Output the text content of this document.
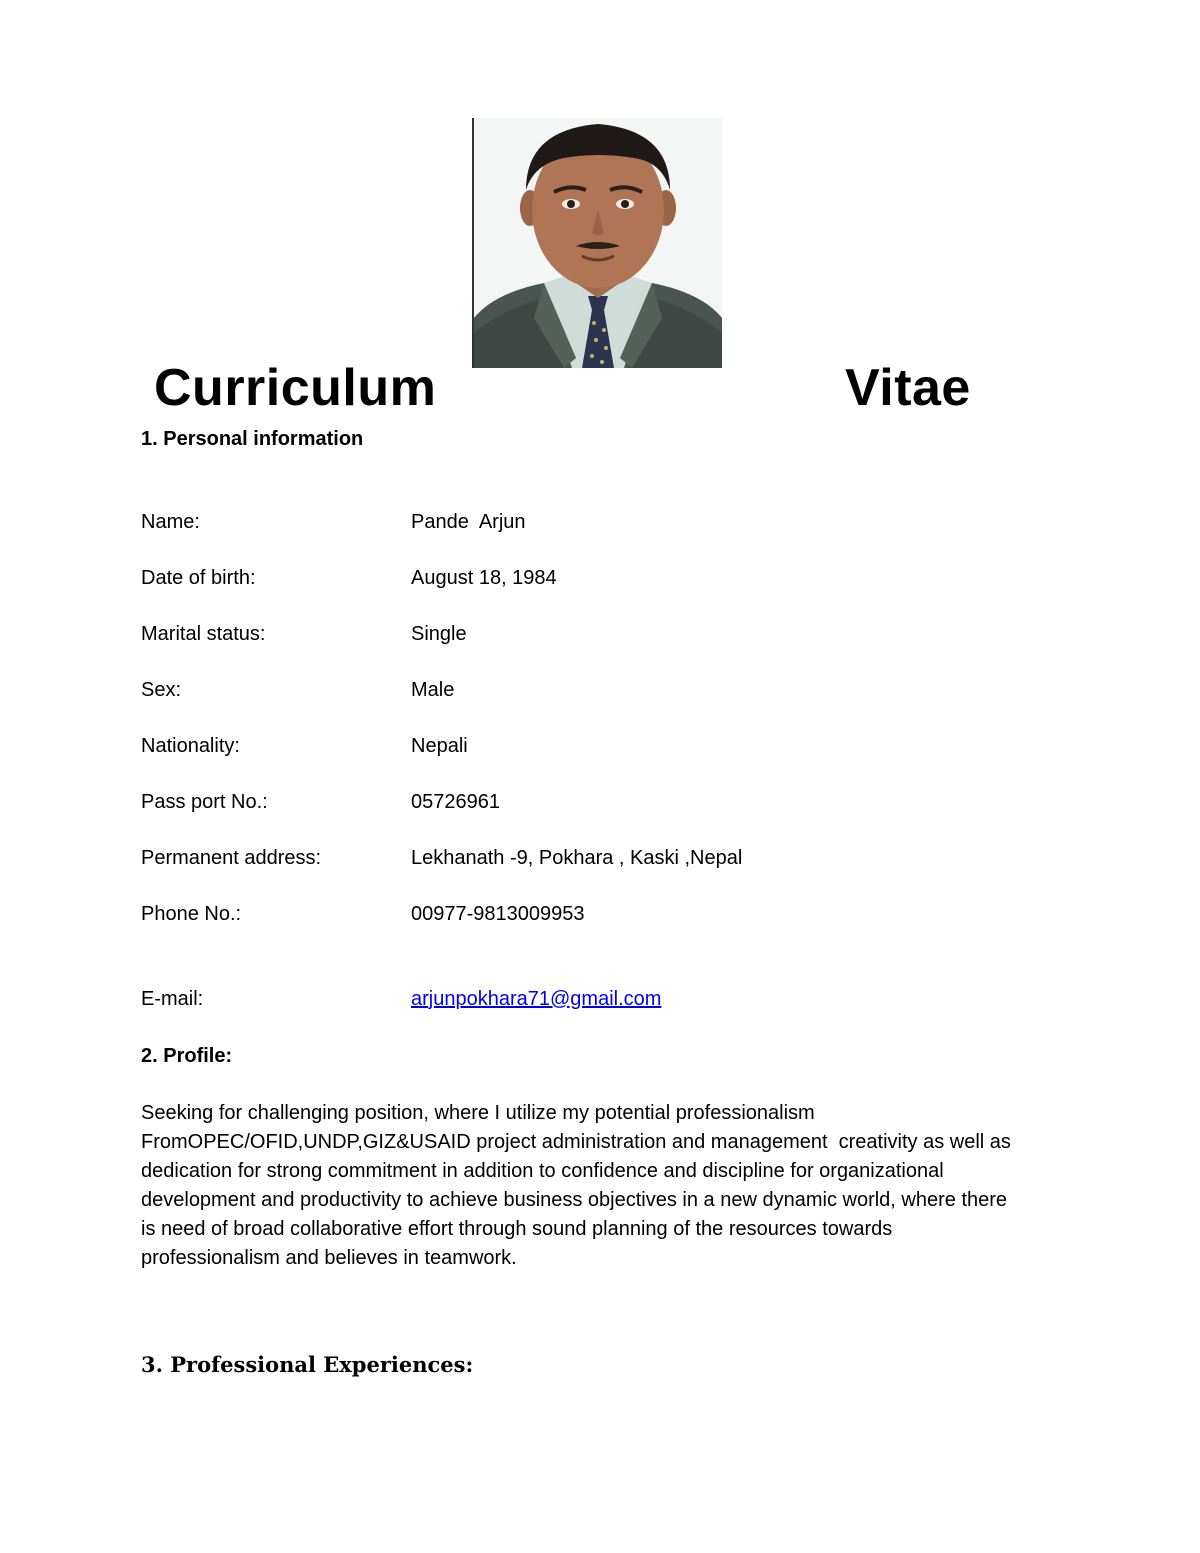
Curriculum	Vitae
1. Personal information
Name:	Pande  Arjun
Date of birth:	August 18, 1984
Marital status:	Single
Sex:	Male
Nationality:	Nepali
Pass port No.:	05726961
Permanent address:	Lekhanath -9, Pokhara , Kaski ,Nepal
Phone No.:	00977-9813009953
E-mail:	arjunpokhara71@gmail.com
2. Profile:
Seeking for challenging position, where I utilize my potential professionalism
FromOPEC/OFID,UNDP,GIZ&USAID project administration and management  creativity as well as
dedication for strong commitment in addition to confidence and discipline for organizational
development and productivity to achieve business objectives in a new dynamic world, where there
is need of broad collaborative effort through sound planning of the resources towards
professionalism and believes in teamwork.
3. Professional Experiences:
